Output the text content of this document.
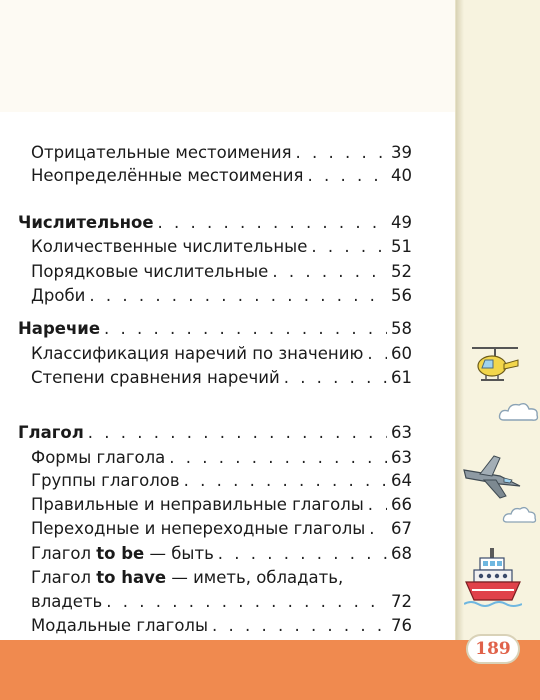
Отрицательные местоимения . . .	39
Неопределённые местоимения . . .	40
Числительное . . .	49
Количественные числительные . . .	51
Порядковые числительные . . .	52
Дроби . . .	56
Наречие . . .	58
Классификация наречий по значению . . . 60
Степени сравнения наречий . . .	61
Глагол . . .	63
Формы глагола . . .	63
Группы глаголов . . .	64
Правильные и неправильные глаголы . . . 66
Переходные и непереходные глаголы . . . 67
Глагол to be — быть . . .	68
Глагол to have — иметь, обладать,
владеть . . .	72
Модальные глаголы . . .	76
189
